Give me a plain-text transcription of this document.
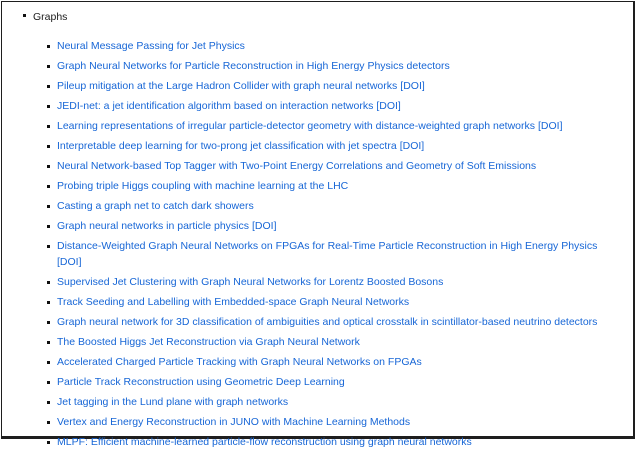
Graphs
Neural Message Passing for Jet Physics
Graph Neural Networks for Particle Reconstruction in High Energy Physics detectors
Pileup mitigation at the Large Hadron Collider with graph neural networks [DOI]
JEDI-net: a jet identification algorithm based on interaction networks [DOI]
Learning representations of irregular particle-detector geometry with distance-weighted graph networks [DOI]
Interpretable deep learning for two-prong jet classification with jet spectra [DOI]
Neural Network-based Top Tagger with Two-Point Energy Correlations and Geometry of Soft Emissions
Probing triple Higgs coupling with machine learning at the LHC
Casting a graph net to catch dark showers
Graph neural networks in particle physics [DOI]
Distance-Weighted Graph Neural Networks on FPGAs for Real-Time Particle Reconstruction in High Energy Physics
[DOI]
Supervised Jet Clustering with Graph Neural Networks for Lorentz Boosted Bosons
Track Seeding and Labelling with Embedded-space Graph Neural Networks
Graph neural network for 3D classification of ambiguities and optical crosstalk in scintillator-based neutrino detectors
The Boosted Higgs Jet Reconstruction via Graph Neural Network
Accelerated Charged Particle Tracking with Graph Neural Networks on FPGAs
Particle Track Reconstruction using Geometric Deep Learning
Jet tagging in the Lund plane with graph networks
Vertex and Energy Reconstruction in JUNO with Machine Learning Methods
MLPF: Efficient machine-learned particle-flow reconstruction using graph neural networks
